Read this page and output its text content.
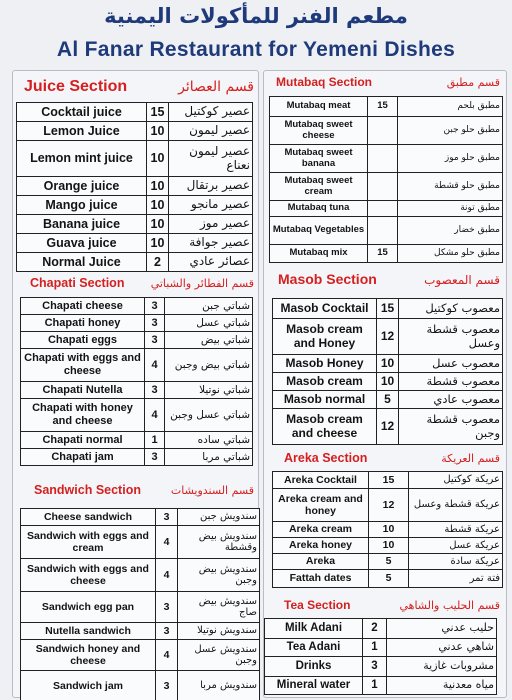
مطعم الفنر للمأكولات اليمنية
Al Fanar Restaurant for Yemeni Dishes
Juice Section	قسم العصائر
Cocktail juice	15	عصير كوكتيل
Lemon Juice	10	عصير ليمون
Lemon mint juice	10	عصير ليمون نعناع
Orange juice	10	عصير برتقال
Mango juice	10	عصير مانجو
Banana juice	10	عصير موز
Guava juice	10	عصير جوافة
Normal Juice	2	عصائر عادي
Chapati Section قسم الفطائر والشباتي
Chapati cheese	3	شباتي جبن
Chapati honey	3	شباتي عسل
Chapati eggs	3	شباتي بيض
Chapati with eggs and cheese	4	شباتي بيض وجبن
Chapati Nutella	3	شباتي نوتيلا
Chapati with honey and cheese	4	شباتي عسل وجبن
Chapati normal	1	شباتي ساده
Chapati jam	3	شباتي مربا
Sandwich Section	قسم السندويشات
Cheese sandwich	3	سندويش جبن
Sandwich with eggs and cream	4	سندويش بيض وقشطة
Sandwich with eggs and cheese	4	سندويش بيض وجبن
Sandwich egg pan	3	سندويش بيض صاج
Nutella sandwich	3	سندويش نوتيلا
Sandwich honey and cheese	4	سندويش عسل وجبن
Sandwich jam	3	سندويش مربا
Mutabaq Section	قسم مطبق
Mutabaq meat	15	مطبق بلحم
Mutabaq sweet cheese		مطبق حلو جبن
Mutabaq sweet banana		مطبق حلو موز
Mutabaq sweet cream		مطبق حلو قشطة
Mutabaq tuna		مطبق تونة
Mutabaq Vegetables		مطبق خضار
Mutabaq mix	15	مطبق حلو مشكل
Masob Section	قسم المعصوب
Masob Cocktail	15	معصوب كوكتيل
Masob cream and Honey	12	معصوب قشطة وعسل
Masob Honey	10	معصوب عسل
Masob cream	10	معصوب قشطة
Masob normal	5	معصوب عادي
Masob cream and cheese	12	معصوب قشطة وجبن
Areka Section	قسم العريكة
Areka Cocktail	15	عريكة كوكتيل
Areka cream and honey	12	عريكة قشطة وعسل
Areka cream	10	عريكة قشطة
Areka honey	10	عريكة عسل
Areka	5	عريكة سادة
Fattah dates	5	فتة تمر
Tea Section	قسم الحليب والشاهي
Milk Adani	2	حليب عدني
Tea Adani	1	شاهي عدني
Drinks	3	مشروبات غازية
Mineral water	1	مياه معدنية
